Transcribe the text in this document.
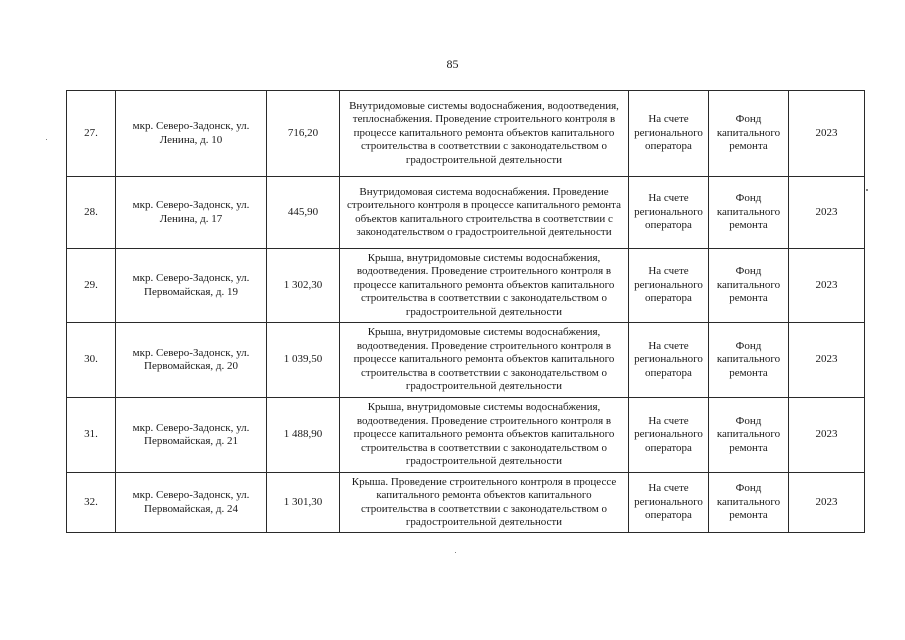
85
27.	мкр. Северо-Задонск, ул. Ленина, д. 10	716,20	Внутридомовые системы водоснабжения, водоотведения, теплоснабжения. Проведение строительного контроля в процессе капитального ремонта объектов капитального строительства в соответствии с законодательством о градостроительной деятельности	На счете регионального оператора	Фонд капитального ремонта	2023
28.	мкр. Северо-Задонск, ул. Ленина, д. 17	445,90	Внутридомовая система водоснабжения. Проведение строительного контроля в процессе капитального ремонта объектов капитального строительства в соответствии с законодательством о градостроительной деятельности	На счете регионального оператора	Фонд капитального ремонта	2023
29.	мкр. Северо-Задонск, ул. Первомайская, д. 19	1 302,30	Крыша, внутридомовые системы водоснабжения, водоотведения. Проведение строительного контроля в процессе капитального ремонта объектов капитального строительства в соответствии с законодательством о градостроительной деятельности	На счете регионального оператора	Фонд капитального ремонта	2023
30.	мкр. Северо-Задонск, ул. Первомайская, д. 20	1 039,50	Крыша, внутридомовые системы водоснабжения, водоотведения. Проведение строительного контроля в процессе капитального ремонта объектов капитального строительства в соответствии с законодательством о градостроительной деятельности	На счете регионального оператора	Фонд капитального ремонта	2023
31.	мкр. Северо-Задонск, ул. Первомайская, д. 21	1 488,90	Крыша, внутридомовые системы водоснабжения, водоотведения. Проведение строительного контроля в процессе капитального ремонта объектов капитального строительства в соответствии с законодательством о градостроительной деятельности	На счете регионального оператора	Фонд капитального ремонта	2023
32.	мкр. Северо-Задонск, ул. Первомайская, д. 24	1 301,30	Крыша. Проведение строительного контроля в процессе капитального ремонта объектов капитального строительства в соответствии с законодательством о градостроительной деятельности	На счете регионального оператора	Фонд капитального ремонта	2023
